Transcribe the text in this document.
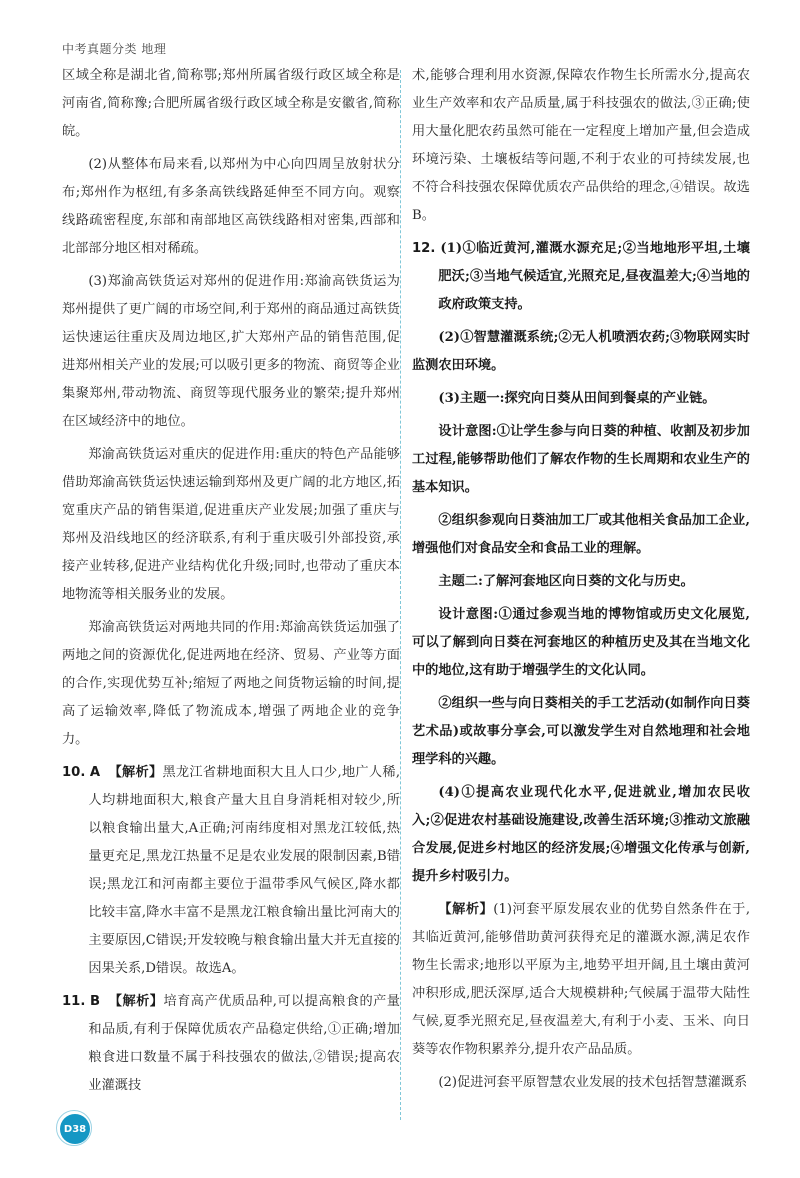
中考真题分类 地理

区域全称是湖北省,简称鄂;郑州所属省级行政区域全称是河南省,简称豫;合肥所属省级行政区域全称是安徽省,简称皖。

(2)从整体布局来看,以郑州为中心向四周呈放射状分布;郑州作为枢纽,有多条高铁线路延伸至不同方向。观察线路疏密程度,东部和南部地区高铁线路相对密集,西部和北部部分地区相对稀疏。

(3)郑渝高铁货运对郑州的促进作用:郑渝高铁货运为郑州提供了更广阔的市场空间,利于郑州的商品通过高铁货运快速运往重庆及周边地区,扩大郑州产品的销售范围,促进郑州相关产业的发展;可以吸引更多的物流、商贸等企业集聚郑州,带动物流、商贸等现代服务业的繁荣;提升郑州在区域经济中的地位。

郑渝高铁货运对重庆的促进作用:重庆的特色产品能够借助郑渝高铁货运快速运输到郑州及更广阔的北方地区,拓宽重庆产品的销售渠道,促进重庆产业发展;加强了重庆与郑州及沿线地区的经济联系,有利于重庆吸引外部投资,承接产业转移,促进产业结构优化升级;同时,也带动了重庆本地物流等相关服务业的发展。

郑渝高铁货运对两地共同的作用:郑渝高铁货运加强了两地之间的资源优化,促进两地在经济、贸易、产业等方面的合作,实现优势互补;缩短了两地之间货物运输的时间,提高了运输效率,降低了物流成本,增强了两地企业的竞争力。

10. A 【解析】黑龙江省耕地面积大且人口少,地广人稀,人均耕地面积大,粮食产量大且自身消耗相对较少,所以粮食输出量大,A正确;河南纬度相对黑龙江较低,热量更充足,黑龙江热量不足是农业发展的限制因素,B错误;黑龙江和河南都主要位于温带季风气候区,降水都比较丰富,降水丰富不是黑龙江粮食输出量比河南大的主要原因,C错误;开发较晚与粮食输出量大并无直接的因果关系,D错误。故选A。

11. B 【解析】培育高产优质品种,可以提高粮食的产量和品质,有利于保障优质农产品稳定供给,①正确;增加粮食进口数量不属于科技强农的做法,②错误;提高农业灌溉技

术,能够合理利用水资源,保障农作物生长所需水分,提高农业生产效率和农产品质量,属于科技强农的做法,③正确;使用大量化肥农药虽然可能在一定程度上增加产量,但会造成环境污染、土壤板结等问题,不利于农业的可持续发展,也不符合科技强农保障优质农产品供给的理念,④错误。故选B。

12. (1)①临近黄河,灌溉水源充足;②当地地形平坦,土壤肥沃;③当地气候适宜,光照充足,昼夜温差大;④当地的政府政策支持。

(2)①智慧灌溉系统;②无人机喷洒农药;③物联网实时监测农田环境。

(3)主题一:探究向日葵从田间到餐桌的产业链。

设计意图:①让学生参与向日葵的种植、收割及初步加工过程,能够帮助他们了解农作物的生长周期和农业生产的基本知识。

②组织参观向日葵油加工厂或其他相关食品加工企业,增强他们对食品安全和食品工业的理解。

主题二:了解河套地区向日葵的文化与历史。

设计意图:①通过参观当地的博物馆或历史文化展览,可以了解到向日葵在河套地区的种植历史及其在当地文化中的地位,这有助于增强学生的文化认同。

②组织一些与向日葵相关的手工艺活动(如制作向日葵艺术品)或故事分享会,可以激发学生对自然地理和社会地理学科的兴趣。

(4)①提高农业现代化水平,促进就业,增加农民收入;②促进农村基础设施建设,改善生活环境;③推动文旅融合发展,促进乡村地区的经济发展;④增强文化传承与创新,提升乡村吸引力。

【解析】(1)河套平原发展农业的优势自然条件在于,其临近黄河,能够借助黄河获得充足的灌溉水源,满足农作物生长需求;地形以平原为主,地势平坦开阔,且土壤由黄河冲积形成,肥沃深厚,适合大规模耕种;气候属于温带大陆性气候,夏季光照充足,昼夜温差大,有利于小麦、玉米、向日葵等农作物积累养分,提升农产品品质。

(2)促进河套平原智慧农业发展的技术包括智慧灌溉系

D38
